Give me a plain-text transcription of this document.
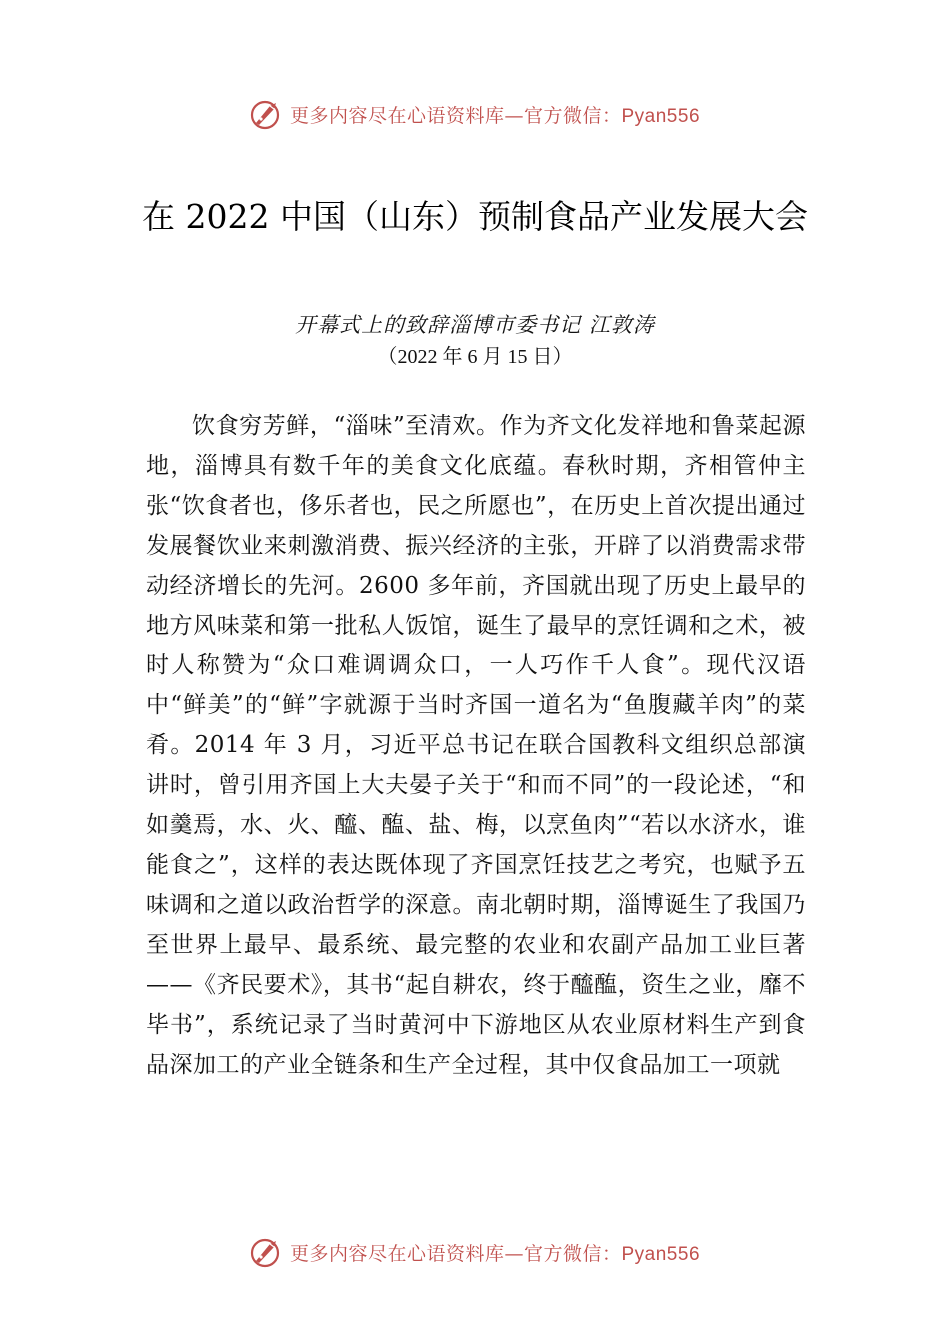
更多内容尽在心语资料库—官方微信：Pyan556
在 2022 中国（山东）预制食品产业发展大会

开幕式上的致辞淄博市委书记 江敦涛

（2022 年 6 月 15 日）

饮食穷芳鲜，“淄味”至清欢。作为齐文化发祥地和鲁菜起源地，淄博具有数千年的美食文化底蕴。春秋时期，齐相管仲主张“饮食者也，侈乐者也，民之所愿也”，在历史上首次提出通过发展餐饮业来刺激消费、振兴经济的主张，开辟了以消费需求带动经济增长的先河。2600 多年前，齐国就出现了历史上最早的地方风味菜和第一批私人饭馆，诞生了最早的烹饪调和之术，被时人称赞为“众口难调调众口，一人巧作千人食”。现代汉语中“鲜美”的“鲜”字就源于当时齐国一道名为“鱼腹藏羊肉”的菜肴。2014 年 3 月，习近平总书记在联合国教科文组织总部演讲时，曾引用齐国上大夫晏子关于“和而不同”的一段论述，“和如羹焉，水、火、醯、醢、盐、梅，以烹鱼肉”“若以水济水，谁能食之”，这样的表达既体现了齐国烹饪技艺之考究，也赋予五味调和之道以政治哲学的深意。南北朝时期，淄博诞生了我国乃至世界上最早、最系统、最完整的农业和农副产品加工业巨著——《齐民要术》，其书“起自耕农，终于醯醢，资生之业，靡不毕书”，系统记录了当时黄河中下游地区从农业原材料生产到食品深加工的产业全链条和生产全过程，其中仅食品加工一项就

更多内容尽在心语资料库—官方微信：Pyan556
